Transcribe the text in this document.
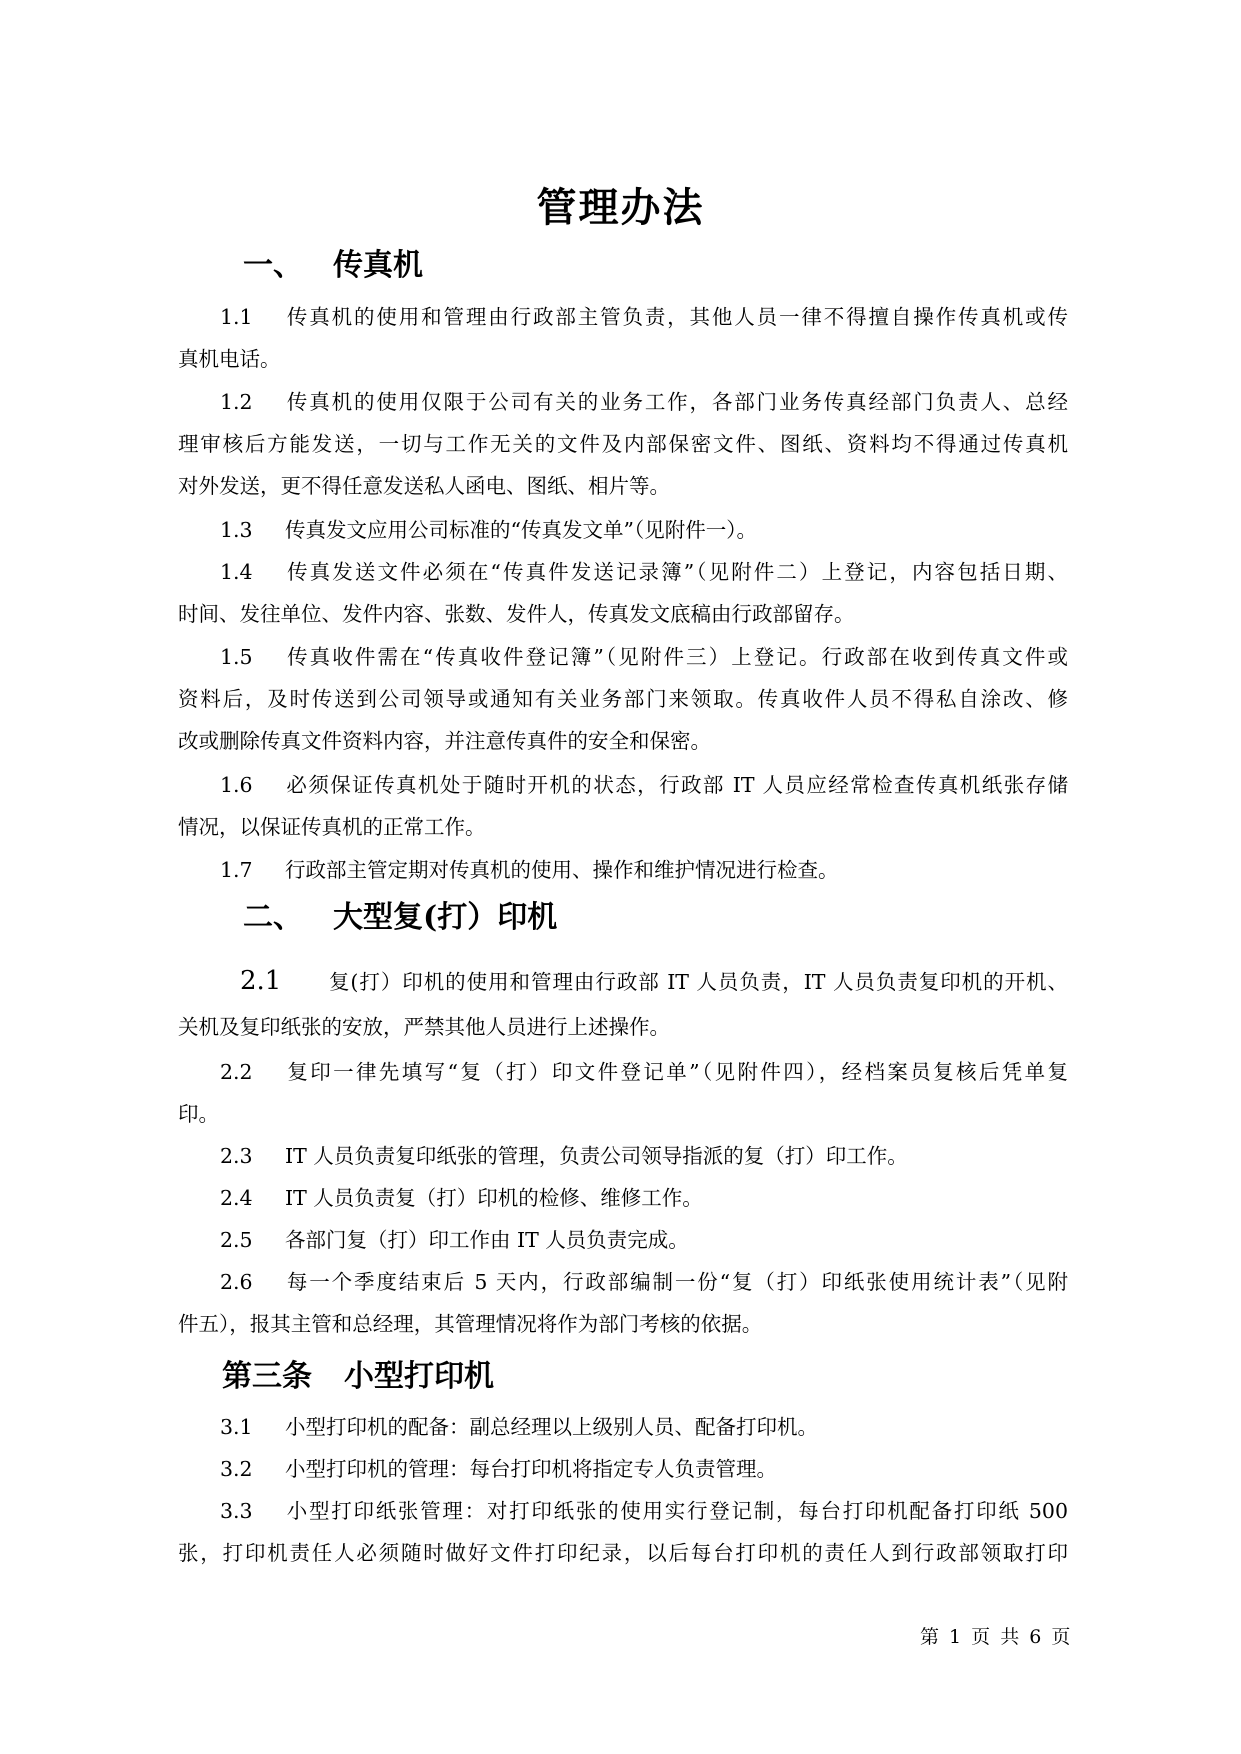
管理办法
一、 传真机
1.1 传真机的使用和管理由行政部主管负责，其他人员一律不得擅自操作传真机或传
真机电话。
1.2 传真机的使用仅限于公司有关的业务工作，各部门业务传真经部门负责人、总经
理审核后方能发送，一切与工作无关的文件及内部保密文件、图纸、资料均不得通过传真机
对外发送，更不得任意发送私人函电、图纸、相片等。
1.3 传真发文应用公司标准的“传真发文单”（见附件一）。
1.4 传真发送文件必须在“传真件发送记录簿”（见附件二）上登记，内容包括日期、
时间、发往单位、发件内容、张数、发件人，传真发文底稿由行政部留存。
1.5 传真收件需在“传真收件登记簿”（见附件三）上登记。行政部在收到传真文件或
资料后，及时传送到公司领导或通知有关业务部门来领取。传真收件人员不得私自涂改、修
改或删除传真文件资料内容，并注意传真件的安全和保密。
1.6 必须保证传真机处于随时开机的状态，行政部 IT 人员应经常检查传真机纸张存储
情况，以保证传真机的正常工作。
1.7 行政部主管定期对传真机的使用、操作和维护情况进行检查。
二、 大型复(打）印机
2.1 复(打）印机的使用和管理由行政部 IT 人员负责，IT 人员负责复印机的开机、
关机及复印纸张的安放，严禁其他人员进行上述操作。
2.2 复印一律先填写“复（打）印文件登记单”（见附件四），经档案员复核后凭单复
印。
2.3 IT 人员负责复印纸张的管理，负责公司领导指派的复（打）印工作。
2.4 IT 人员负责复（打）印机的检修、维修工作。
2.5 各部门复（打）印工作由 IT 人员负责完成。
2.6 每一个季度结束后 5 天内，行政部编制一份“复（打）印纸张使用统计表”（见附
件五），报其主管和总经理，其管理情况将作为部门考核的依据。
第三条 小型打印机
3.1 小型打印机的配备：副总经理以上级别人员、配备打印机。
3.2 小型打印机的管理：每台打印机将指定专人负责管理。
3.3 小型打印纸张管理：对打印纸张的使用实行登记制，每台打印机配备打印纸 500
张，打印机责任人必须随时做好文件打印纪录，以后每台打印机的责任人到行政部领取打印
第 1 页 共 6 页
